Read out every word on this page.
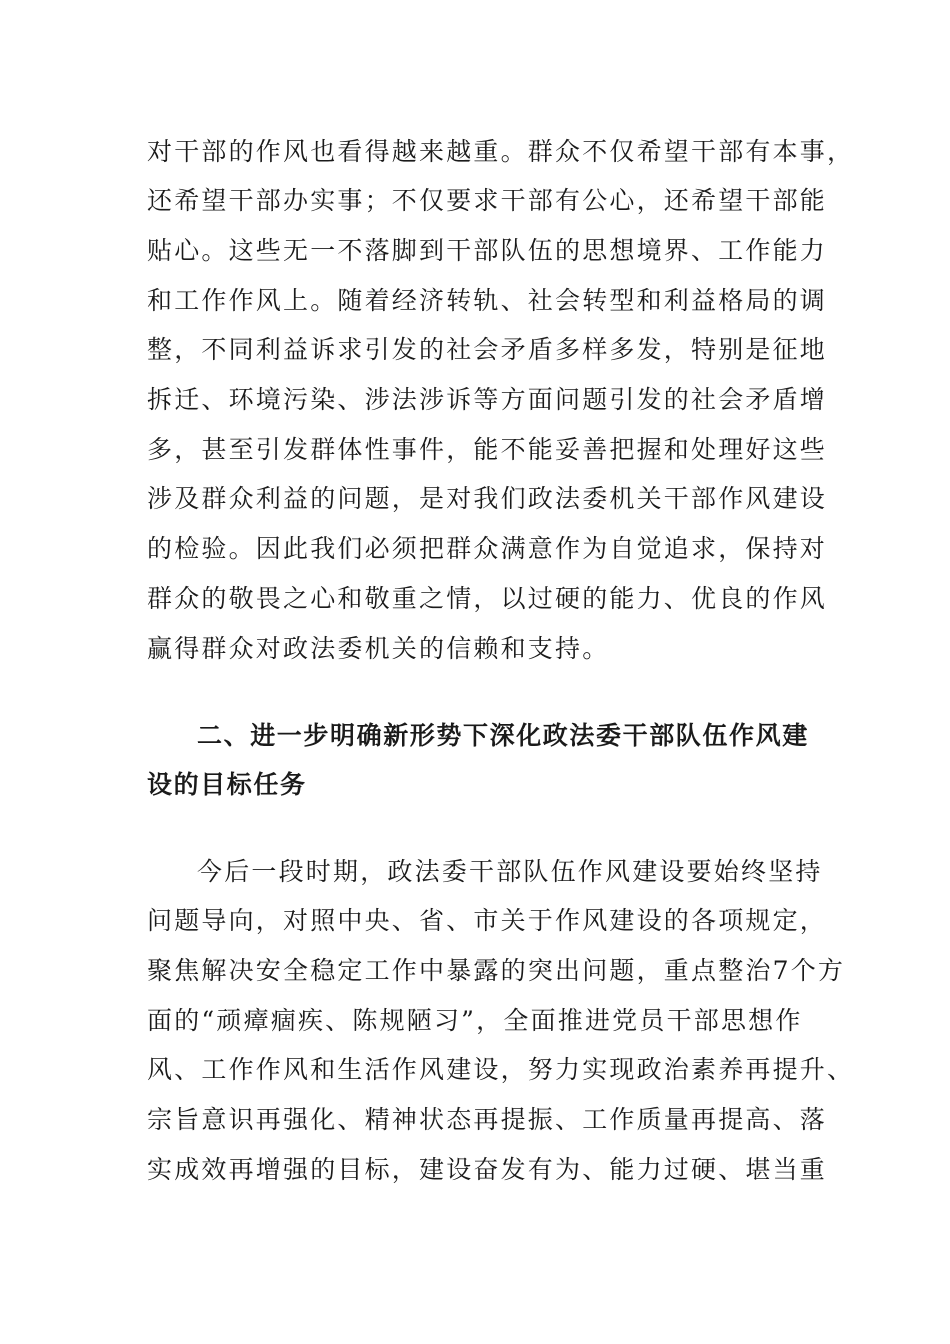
对干部的作风也看得越来越重。群众不仅希望干部有本事，
还希望干部办实事；不仅要求干部有公心，还希望干部能
贴心。这些无一不落脚到干部队伍的思想境界、工作能力
和工作作风上。随着经济转轨、社会转型和利益格局的调
整，不同利益诉求引发的社会矛盾多样多发，特别是征地
拆迁、环境污染、涉法涉诉等方面问题引发的社会矛盾增
多，甚至引发群体性事件，能不能妥善把握和处理好这些
涉及群众利益的问题，是对我们政法委机关干部作风建设
的检验。因此我们必须把群众满意作为自觉追求，保持对
群众的敬畏之心和敬重之情，以过硬的能力、优良的作风
赢得群众对政法委机关的信赖和支持。
二、进一步明确新形势下深化政法委干部队伍作风建
设的目标任务
今后一段时期，政法委干部队伍作风建设要始终坚持
问题导向，对照中央、省、市关于作风建设的各项规定，
聚焦解决安全稳定工作中暴露的突出问题，重点整治7个方
面的“顽瘴痼疾、陈规陋习”，全面推进党员干部思想作
风、工作作风和生活作风建设，努力实现政治素养再提升、
宗旨意识再强化、精神状态再提振、工作质量再提高、落
实成效再增强的目标，建设奋发有为、能力过硬、堪当重
